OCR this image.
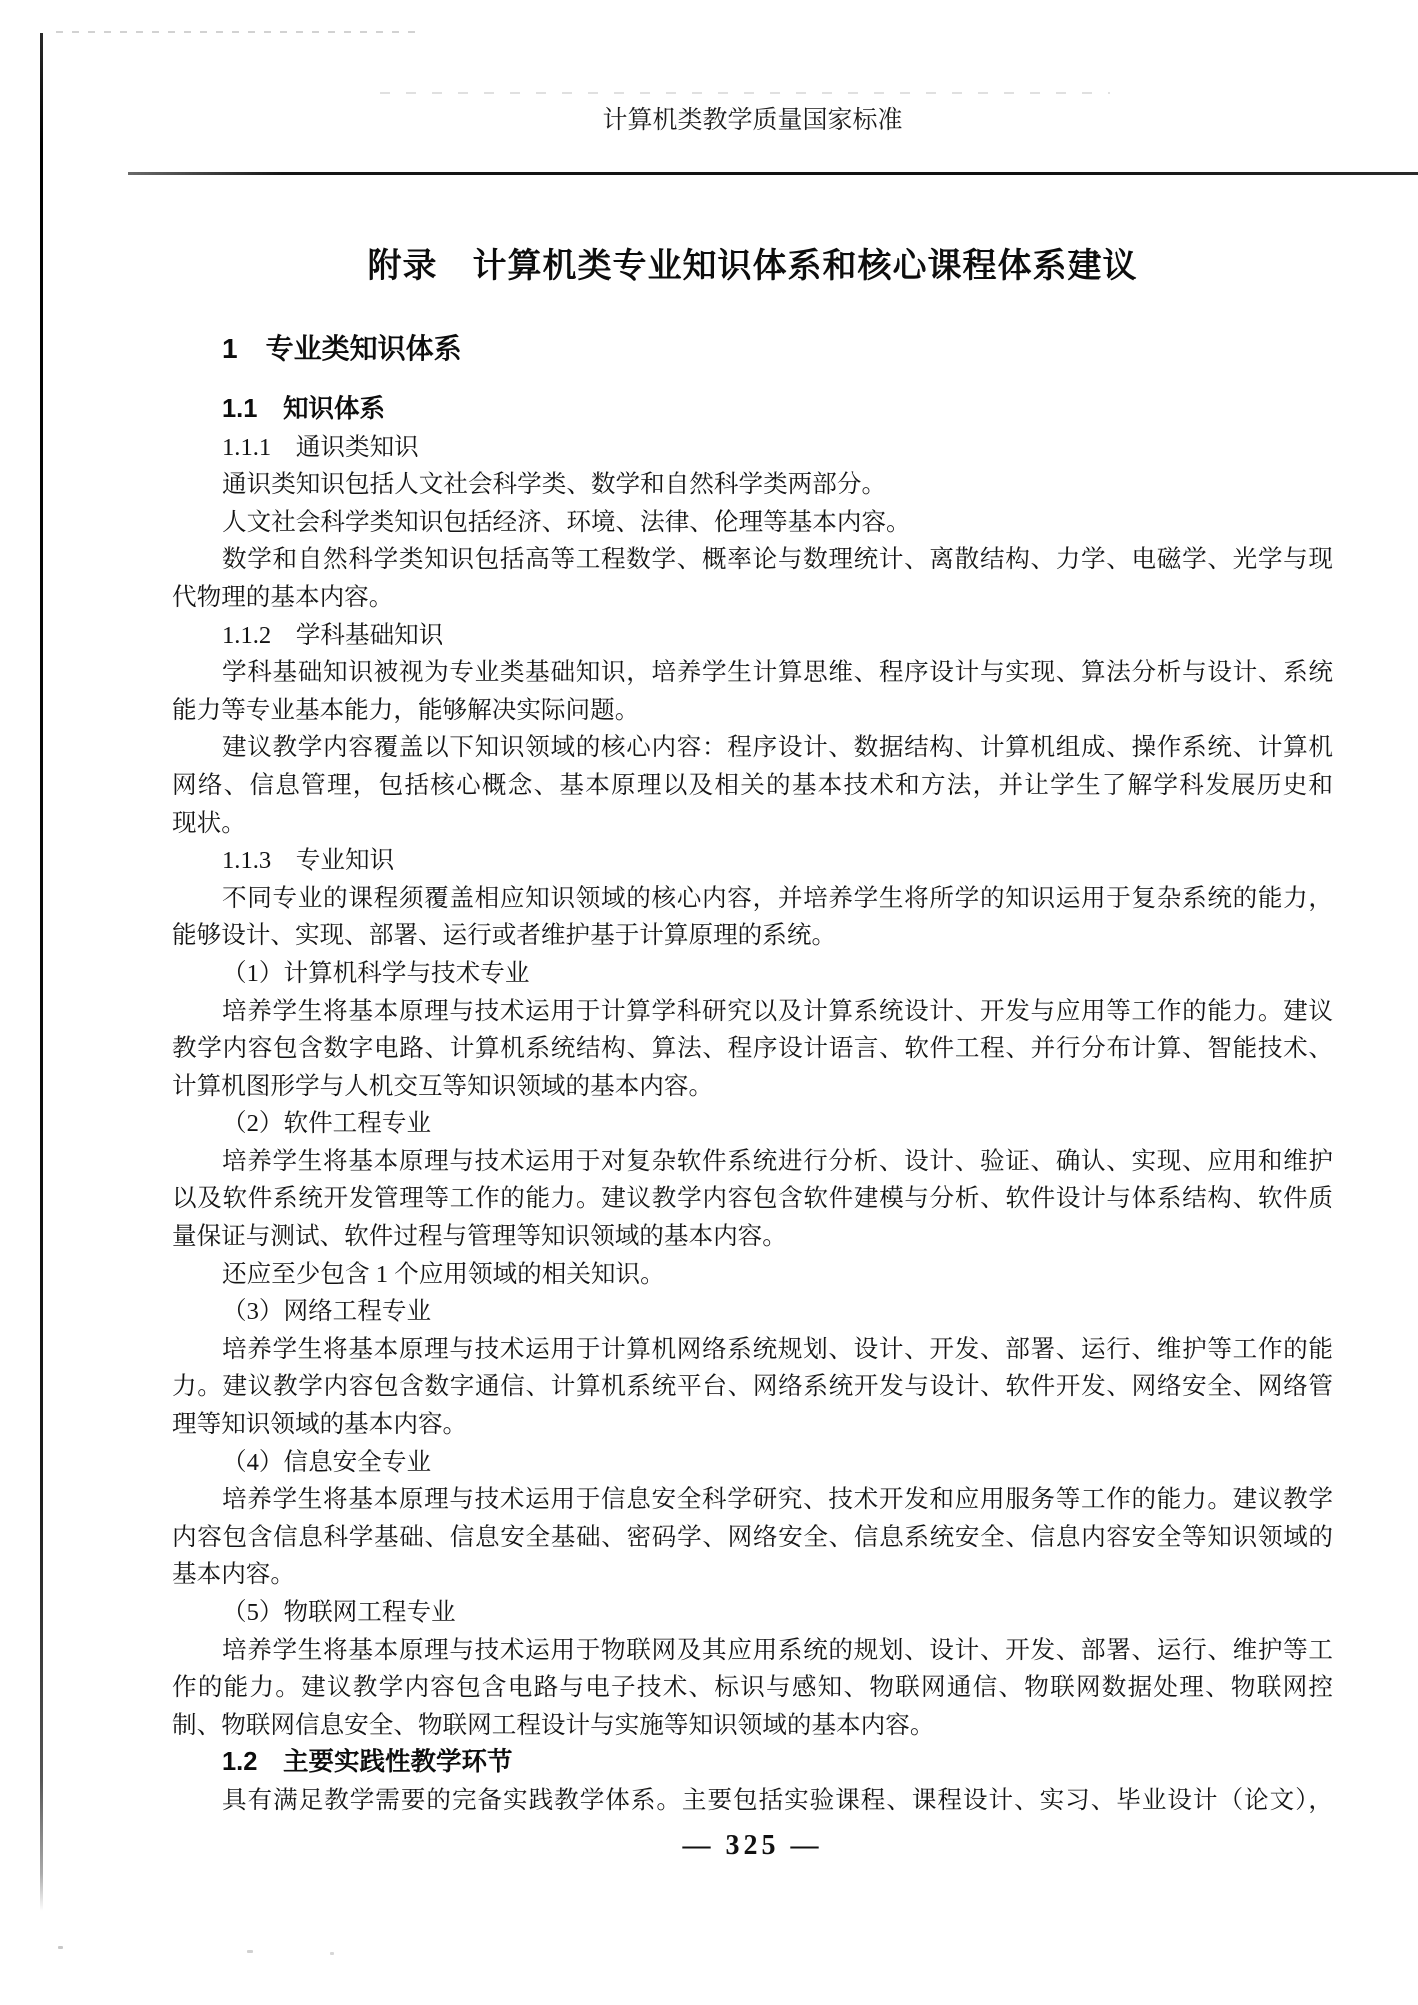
计算机类教学质量国家标准
附录　计算机类专业知识体系和核心课程体系建议
1　专业类知识体系
1.1　知识体系
1.1.1　通识类知识
通识类知识包括人文社会科学类、数学和自然科学类两部分。
人文社会科学类知识包括经济、环境、法律、伦理等基本内容。
数学和自然科学类知识包括高等工程数学、概率论与数理统计、离散结构、力学、电磁学、光学与现
代物理的基本内容。
1.1.2　学科基础知识
学科基础知识被视为专业类基础知识，培养学生计算思维、程序设计与实现、算法分析与设计、系统
能力等专业基本能力，能够解决实际问题。
建议教学内容覆盖以下知识领域的核心内容：程序设计、数据结构、计算机组成、操作系统、计算机
网络、信息管理，包括核心概念、基本原理以及相关的基本技术和方法，并让学生了解学科发展历史和
现状。
1.1.3　专业知识
不同专业的课程须覆盖相应知识领域的核心内容，并培养学生将所学的知识运用于复杂系统的能力，
能够设计、实现、部署、运行或者维护基于计算原理的系统。
（1）计算机科学与技术专业
培养学生将基本原理与技术运用于计算学科研究以及计算系统设计、开发与应用等工作的能力。建议
教学内容包含数字电路、计算机系统结构、算法、程序设计语言、软件工程、并行分布计算、智能技术、
计算机图形学与人机交互等知识领域的基本内容。
（2）软件工程专业
培养学生将基本原理与技术运用于对复杂软件系统进行分析、设计、验证、确认、实现、应用和维护
以及软件系统开发管理等工作的能力。建议教学内容包含软件建模与分析、软件设计与体系结构、软件质
量保证与测试、软件过程与管理等知识领域的基本内容。
还应至少包含 1 个应用领域的相关知识。
（3）网络工程专业
培养学生将基本原理与技术运用于计算机网络系统规划、设计、开发、部署、运行、维护等工作的能
力。建议教学内容包含数字通信、计算机系统平台、网络系统开发与设计、软件开发、网络安全、网络管
理等知识领域的基本内容。
（4）信息安全专业
培养学生将基本原理与技术运用于信息安全科学研究、技术开发和应用服务等工作的能力。建议教学
内容包含信息科学基础、信息安全基础、密码学、网络安全、信息系统安全、信息内容安全等知识领域的
基本内容。
（5）物联网工程专业
培养学生将基本原理与技术运用于物联网及其应用系统的规划、设计、开发、部署、运行、维护等工
作的能力。建议教学内容包含电路与电子技术、标识与感知、物联网通信、物联网数据处理、物联网控
制、物联网信息安全、物联网工程设计与实施等知识领域的基本内容。
1.2　主要实践性教学环节
具有满足教学需要的完备实践教学体系。主要包括实验课程、课程设计、实习、毕业设计（论文），
— 325 —
